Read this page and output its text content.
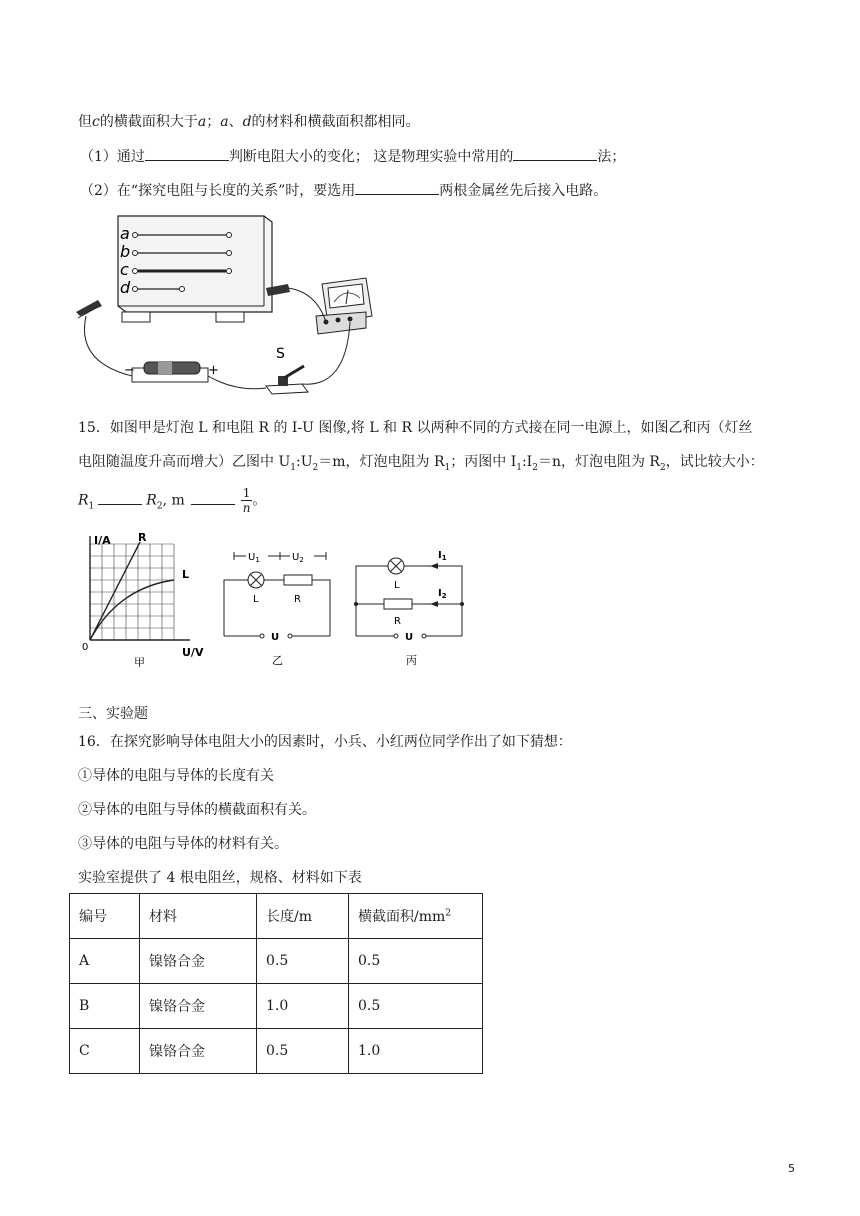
但c的横截面积大于a；a、d的材料和横截面积都相同。
（1）通过	判断电阻大小的变化； 这是物理实验中常用的	法；
（2）在“探究电阻与长度的关系”时，要选用	两根金属丝先后接入电路。
a
b
c
d
−	+
S
15．如图甲是灯泡 L 和电阻 R 的 I-U 图像,将 L 和 R 以两种不同的方式接在同一电源上，如图乙和丙（灯丝
电阻随温度升高而增大）乙图中 $U_1:U_2=m$，灯泡电阻为 $R_1$；丙图中 $I_1:I_2=n$，灯泡电阻为 $R_2$，试比较大小：
$R_1$	$R_2$, m	$\frac{1}{n}$ 。
I/A R
L
0	U/V
甲
$U_1$	$U_2$
L	R
U
乙
$I_1$
$I_2$
L
R
U
丙
三、实验题
16．在探究影响导体电阻大小的因素时，小兵、小红两位同学作出了如下猜想：
①导体的电阻与导体的长度有关
②导体的电阻与导体的横截面积有关。
③导体的电阻与导体的材料有关。
实验室提供了 4 根电阻丝，规格、材料如下表
编号	材料	长度/m	横截面积$/mm^2$
A	镍铬合金	0.5	0.5
B	镍铬合金	1.0	0.5
C	镍铬合金	0.5	1.0
5
